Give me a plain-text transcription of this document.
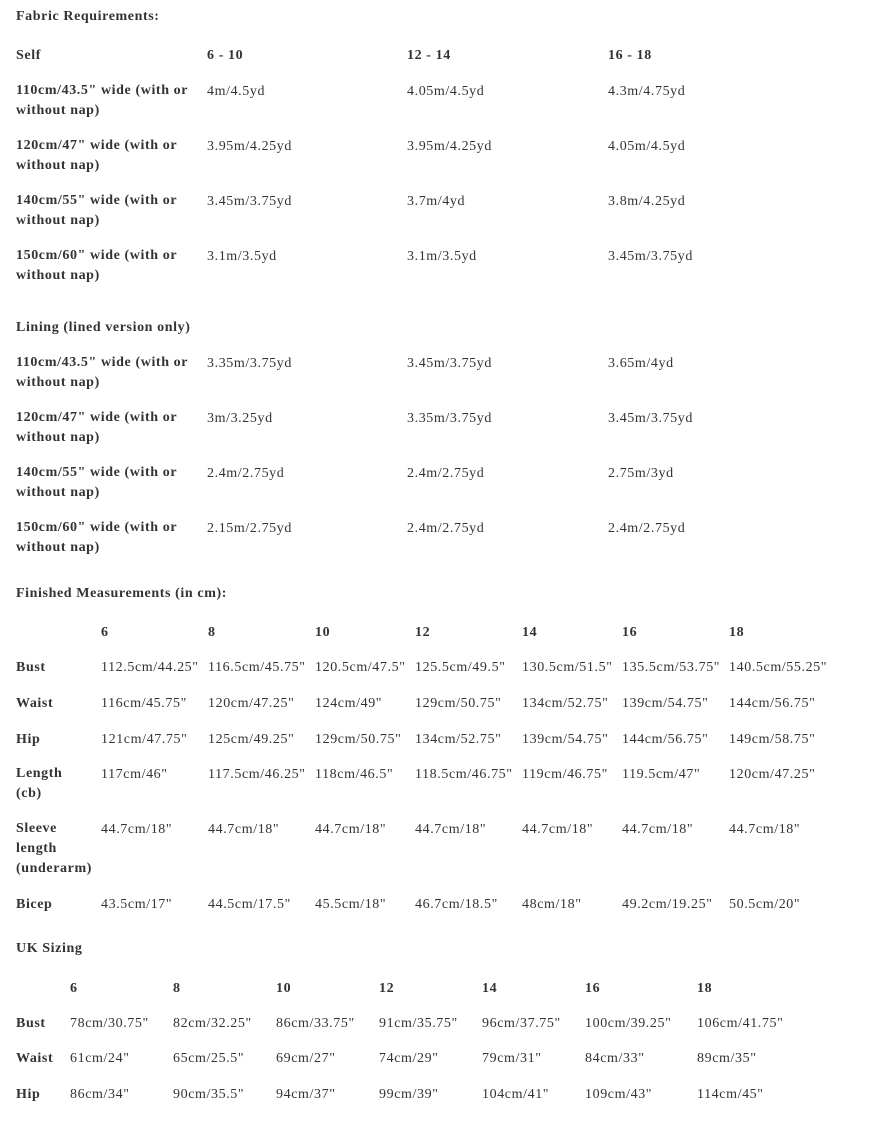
Fabric Requirements:
Self	6 - 10	12 - 14	16 - 18
110cm/43.5" wide (with or without nap)
4m/4.5yd	4.05m/4.5yd	4.3m/4.75yd
120cm/47" wide (with or without nap)
3.95m/4.25yd	3.95m/4.25yd	4.05m/4.5yd
140cm/55" wide (with or without nap)
3.45m/3.75yd	3.7m/4yd	3.8m/4.25yd
150cm/60" wide (with or without nap)
3.1m/3.5yd	3.1m/3.5yd	3.45m/3.75yd
Lining (lined version only)
110cm/43.5" wide (with or without nap)
3.35m/3.75yd	3.45m/3.75yd	3.65m/4yd
120cm/47" wide (with or without nap)
3m/3.25yd	3.35m/3.75yd	3.45m/3.75yd
140cm/55" wide (with or without nap)
2.4m/2.75yd	2.4m/2.75yd	2.75m/3yd
150cm/60" wide (with or without nap)
2.15m/2.75yd	2.4m/2.75yd	2.4m/2.75yd
Finished Measurements (in cm):
6	8	10	12	14	16	18
Bust	112.5cm/44.25" 116.5cm/45.75" 120.5cm/47.5" 125.5cm/49.5" 130.5cm/51.5" 135.5cm/53.75" 140.5cm/55.25"
Waist	116cm/45.75" 120cm/47.25" 124cm/49" 129cm/50.75" 134cm/52.75" 139cm/54.75" 144cm/56.75"
Hip	121cm/47.75" 125cm/49.25" 129cm/50.75" 134cm/52.75" 139cm/54.75" 144cm/56.75" 149cm/58.75"
Length (cb)
117cm/46"	117.5cm/46.25" 118cm/46.5" 118.5cm/46.75" 119cm/46.75" 119.5cm/47" 120cm/47.25"
Sleeve length (underarm)
44.7cm/18"	44.7cm/18"	44.7cm/18" 44.7cm/18"	44.7cm/18" 44.7cm/18"	44.7cm/18"
Bicep	43.5cm/17"	44.5cm/17.5" 45.5cm/18" 46.7cm/18.5" 48cm/18"	49.2cm/19.25" 50.5cm/20"
UK Sizing
6	8	10	12	14	16	18
Bust 78cm/30.75" 82cm/32.25" 86cm/33.75" 91cm/35.75" 96cm/37.75" 100cm/39.25" 106cm/41.75"
Waist 61cm/24"	65cm/25.5" 69cm/27"	74cm/29"	79cm/31"	84cm/33"	89cm/35"
Hip 86cm/34"	90cm/35.5" 94cm/37"	99cm/39"	104cm/41"	109cm/43"	114cm/45"
